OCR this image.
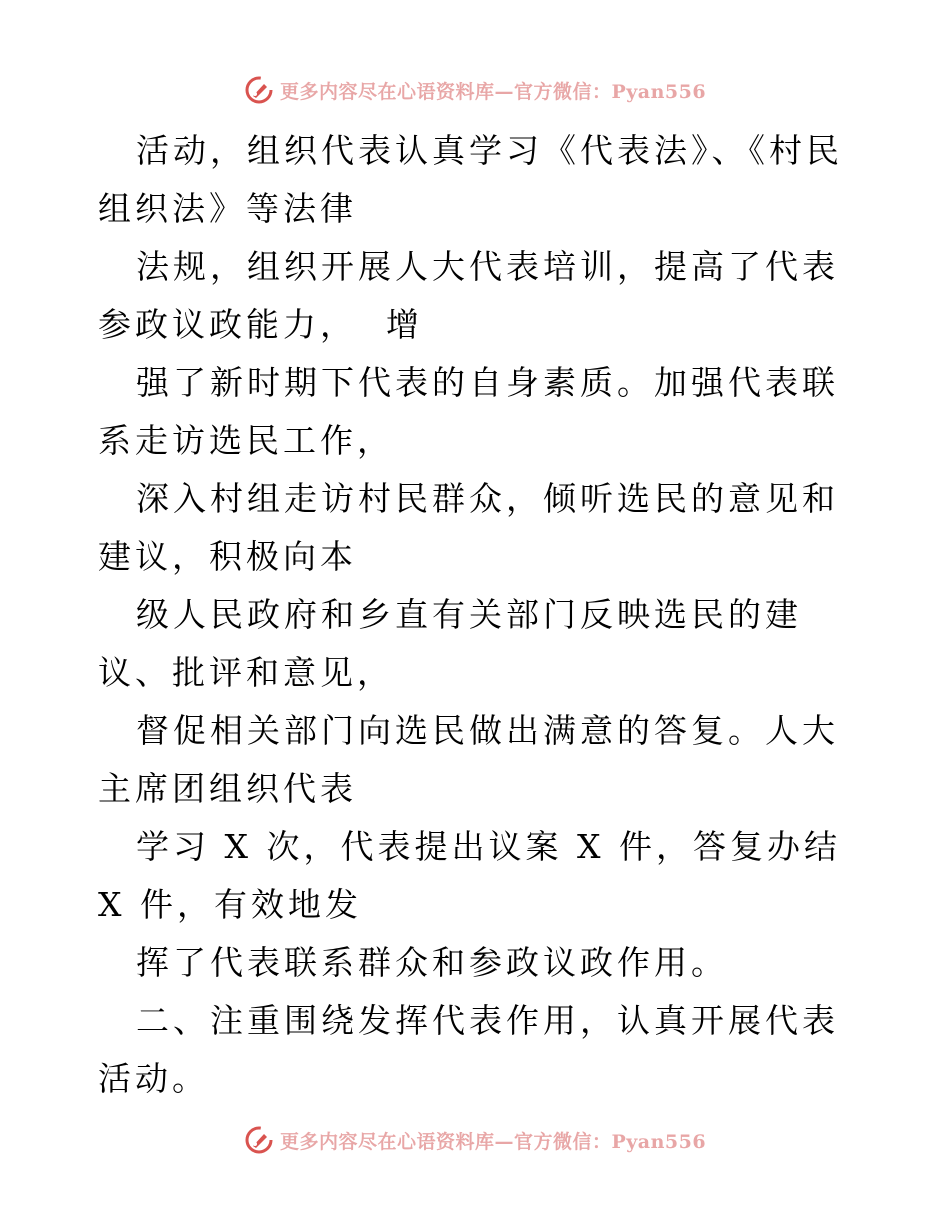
更多内容尽在心语资料库—官方微信：Pyan556

活动，组织代表认真学习《代表法》、《村民组织法》等法律

法规，组织开展人大代表培训，提高了代表参政议政能力，  增

强了新时期下代表的自身素质。加强代表联系走访选民工作，

深入村组走访村民群众，倾听选民的意见和建议，积极向本

级人民政府和乡直有关部门反映选民的建议、批评和意见，

督促相关部门向选民做出满意的答复。人大主席团组织代表

学习 X 次，代表提出议案 X 件，答复办结 X 件，有效地发

挥了代表联系群众和参政议政作用。

二、注重围绕发挥代表作用，认真开展代表活动。

更多内容尽在心语资料库—官方微信：Pyan556
